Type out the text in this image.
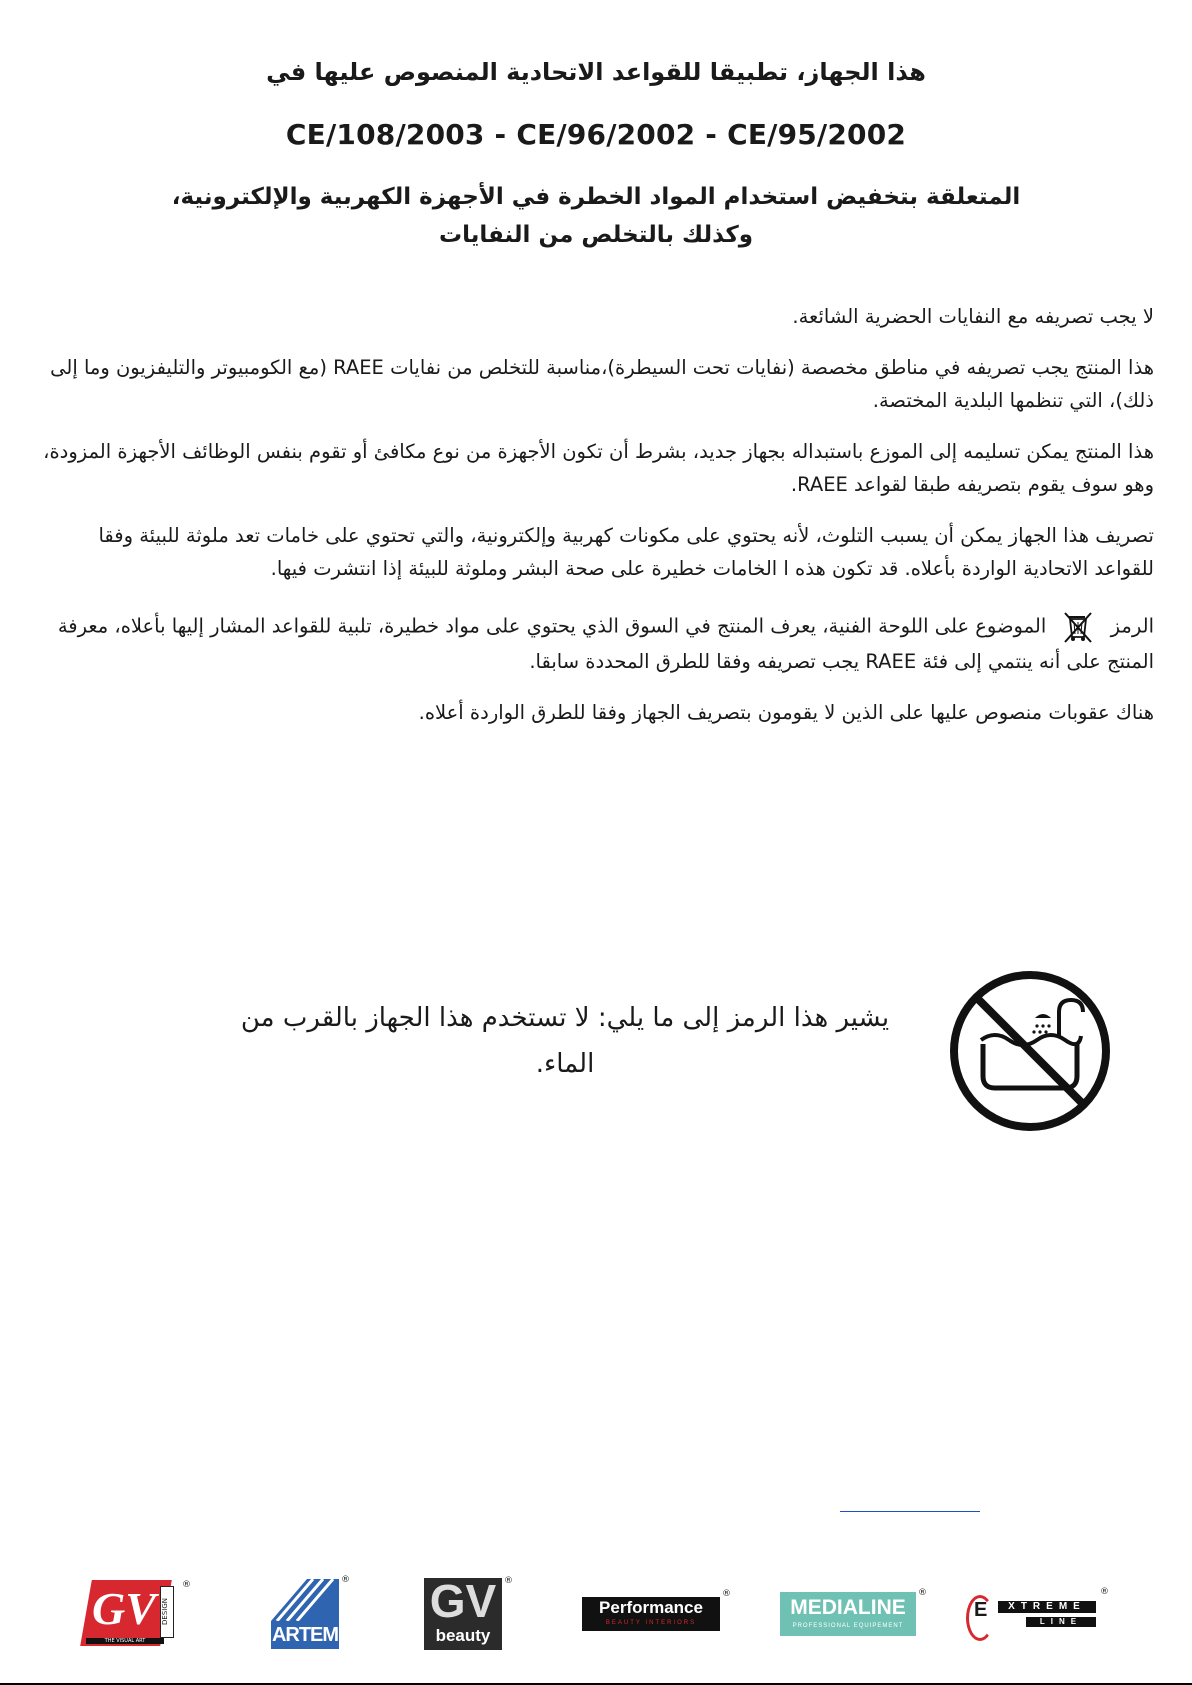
هذا الجهاز، تطبيقا للقواعد الاتحادية المنصوص عليها في
CE/108/2003 - CE/96/2002 - CE/95/2002
المتعلقة بتخفيض استخدام المواد الخطرة في الأجهزة الكهربية والإلكترونية،
وكذلك بالتخلص من النفايات

لا يجب تصريفه مع النفايات الحضرية الشائعة.

هذا المنتج يجب تصريفه في مناطق مخصصة (نفايات تحت السيطرة)،مناسبة للتخلص من نفايات RAEE (مع الكومبيوتر والتليفزيون وما إلى ذلك)، التي تنظمها البلدية المختصة.

هذا المنتج يمكن تسليمه إلى الموزع باستبداله بجهاز جديد، بشرط أن تكون الأجهزة من نوع مكافئ أو تقوم بنفس الوظائف الأجهزة المزودة، وهو سوف يقوم بتصريفه طبقا لقواعد RAEE.

تصريف هذا الجهاز يمكن أن يسبب التلوث، لأنه يحتوي على مكونات كهربية وإلكترونية، والتي تحتوي على خامات تعد ملوثة للبيئة وفقا للقواعد الاتحادية الواردة بأعلاه. قد تكون هذه ا الخامات خطيرة على صحة البشر وملوثة للبيئة إذا انتشرت فيها.

الرمز  الموضوع على اللوحة الفنية، يعرف المنتج في السوق الذي يحتوي على مواد خطيرة، تلبية للقواعد المشار إليها بأعلاه، معرفة المنتج على أنه ينتمي إلى فئة RAEE يجب تصريفه وفقا للطرق المحددة سابقا.

هناك عقوبات منصوص عليها على الذين لا يقومون بتصريف الجهاز وفقا للطرق الواردة أعلاه.

يشير هذا الرمز إلى ما يلي: لا تستخدم هذا الجهاز بالقرب من الماء.
GV DESIGN
THE VISUAL ART
®
ARTEM
® GV
beauty
®
Performance
BEAUTY INTERIORS
®
MEDIALINE
PROFESSIONAL EQUIPEMENT
®
E	XTREME
LINE
®
